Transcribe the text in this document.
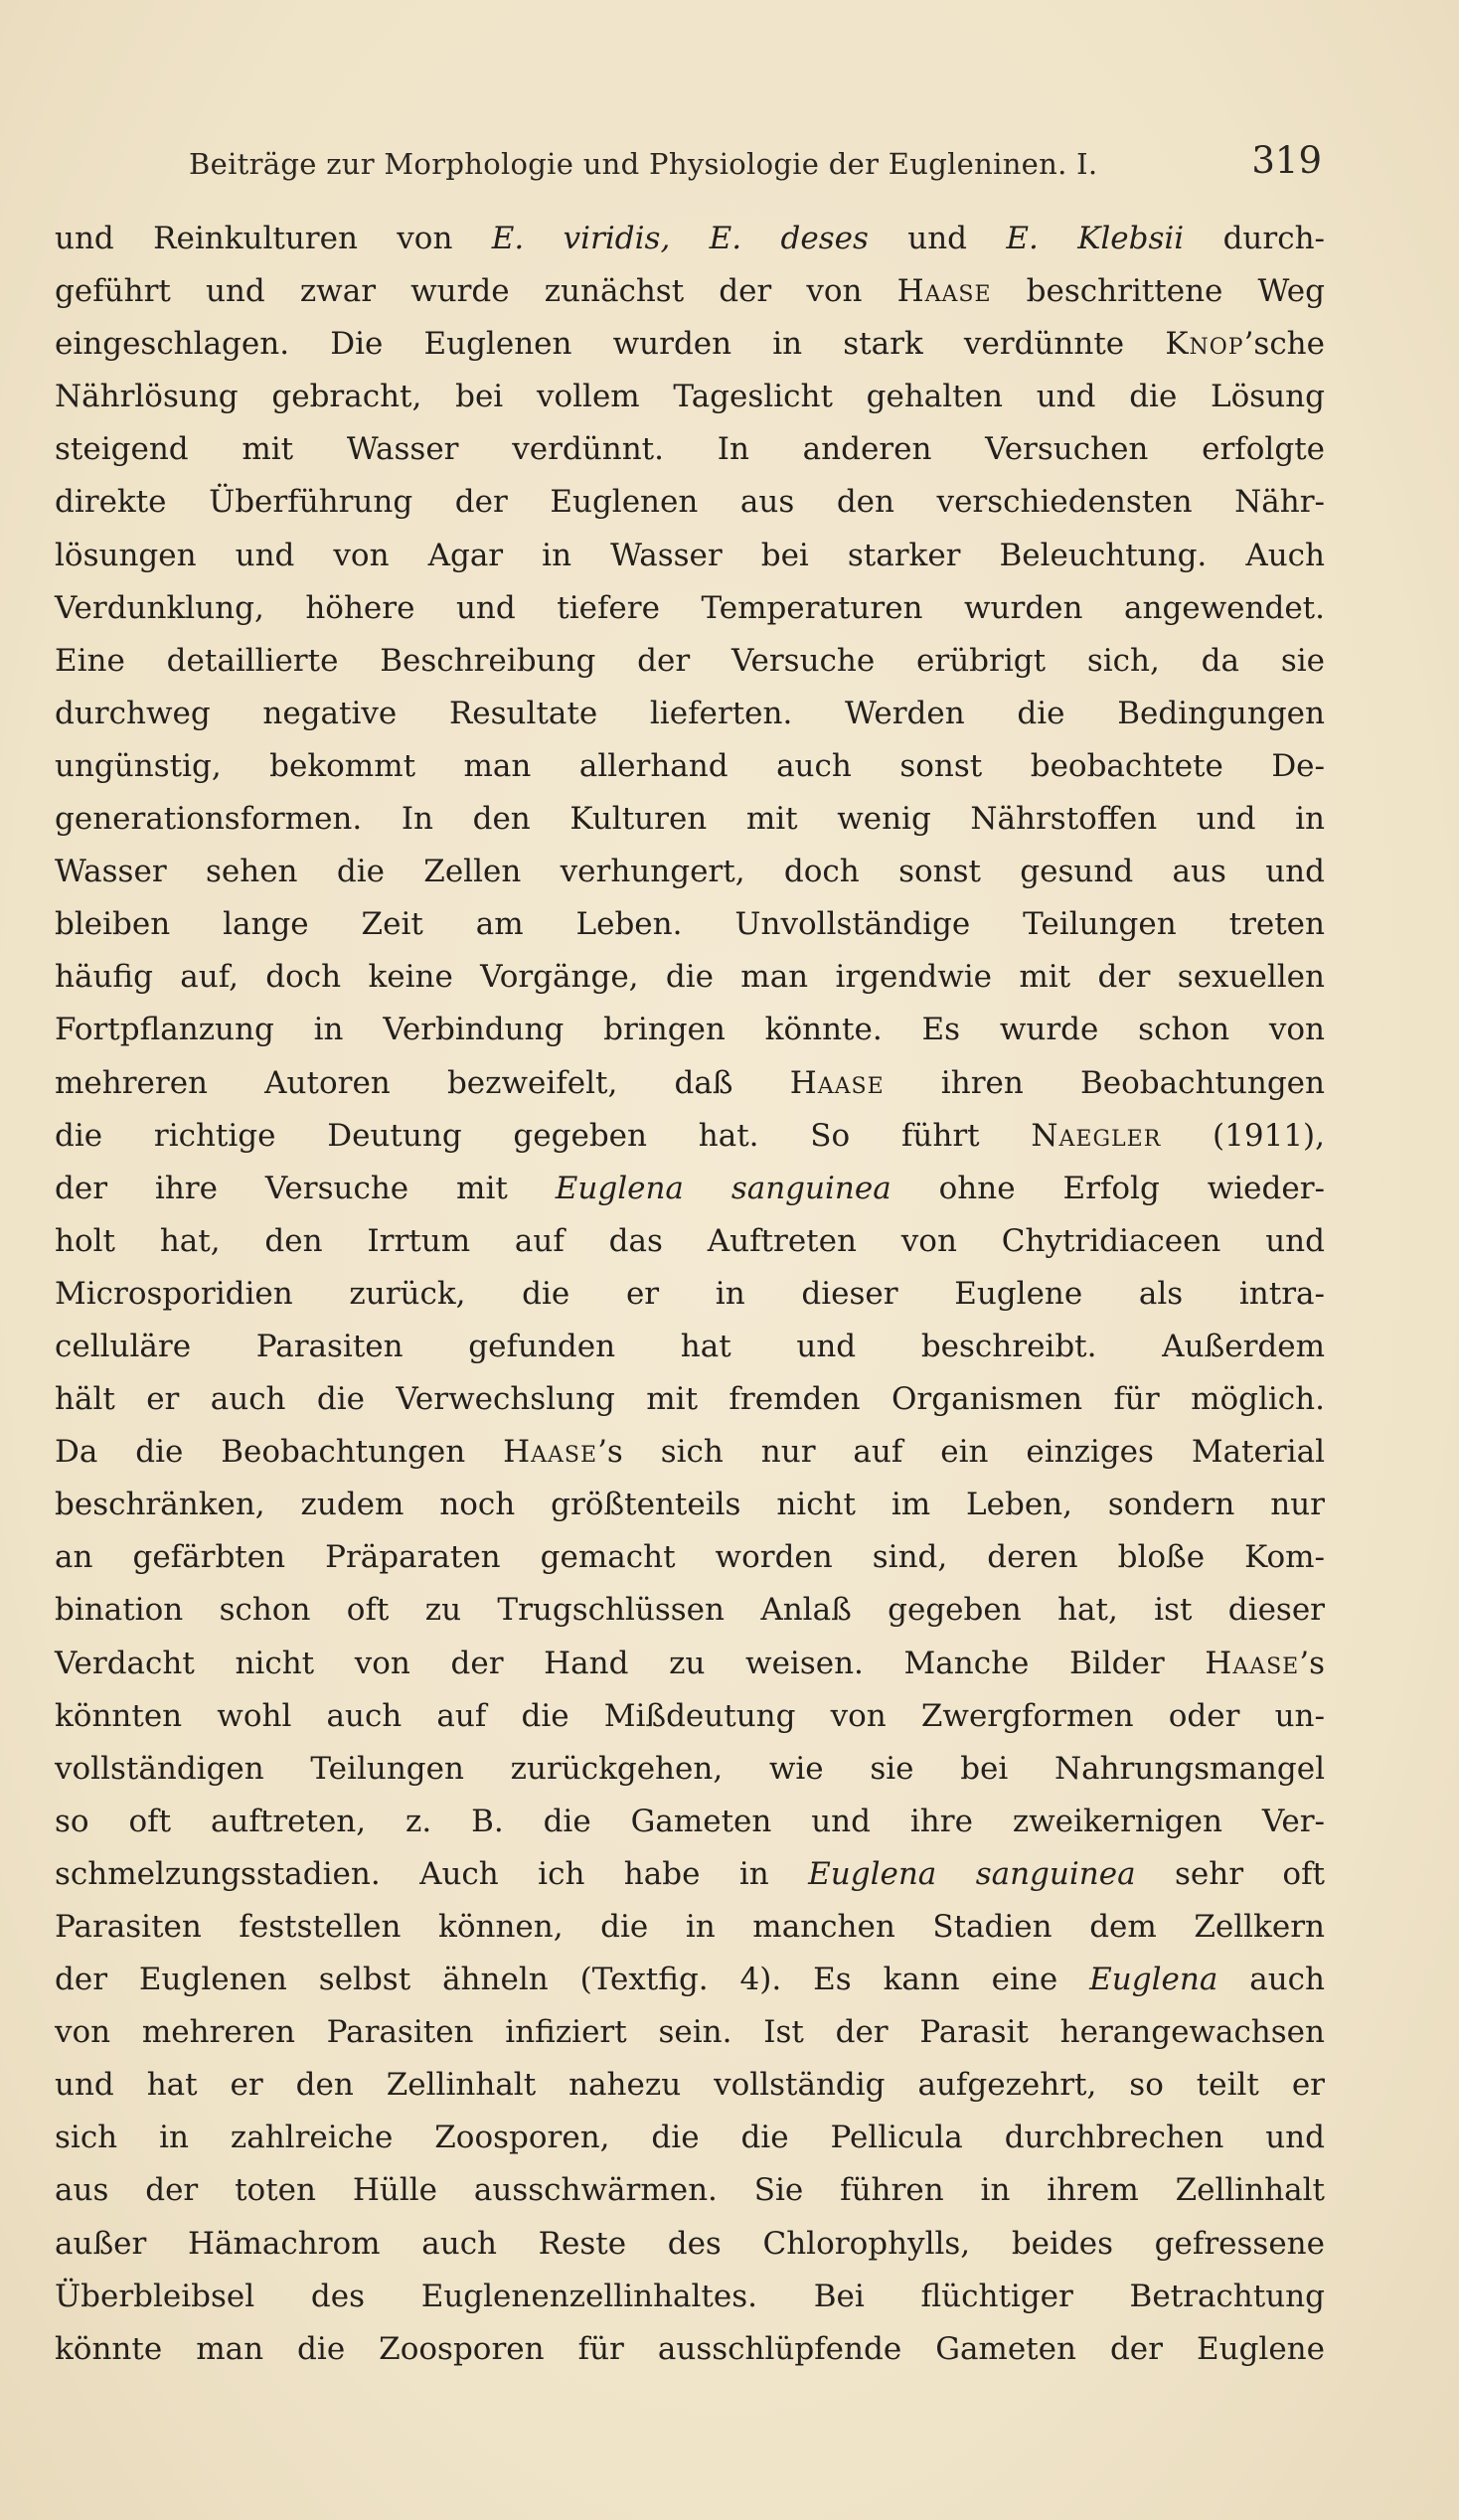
Beiträge zur Morphologie und Physiologie der Eugleninen. I.	319
und Reinkulturen von E. viridis, E. deses und E. Klebsii durch-
geführt und zwar wurde zunächst der von Haase beschrittene Weg
eingeschlagen. Die Euglenen wurden in stark verdünnte Knop’sche
Nährlösung gebracht, bei vollem Tageslicht gehalten und die Lösung
steigend mit Wasser verdünnt. In anderen Versuchen erfolgte
direkte Überführung der Euglenen aus den verschiedensten Nähr-
lösungen und von Agar in Wasser bei starker Beleuchtung. Auch
Verdunklung, höhere und tiefere Temperaturen wurden angewendet.
Eine detaillierte Beschreibung der Versuche erübrigt sich, da sie
durchweg negative Resultate lieferten. Werden die Bedingungen
ungünstig, bekommt man allerhand auch sonst beobachtete De-
generationsformen. In den Kulturen mit wenig Nährstoffen und in
Wasser sehen die Zellen verhungert, doch sonst gesund aus und
bleiben lange Zeit am Leben. Unvollständige Teilungen treten
häufig auf, doch keine Vorgänge, die man irgendwie mit der sexuellen
Fortpflanzung in Verbindung bringen könnte. Es wurde schon von
mehreren Autoren bezweifelt, daß Haase ihren Beobachtungen
die richtige Deutung gegeben hat. So führt Naegler (1911),
der ihre Versuche mit Euglena sanguinea ohne Erfolg wieder-
holt hat, den Irrtum auf das Auftreten von Chytridiaceen und
Microsporidien zurück, die er in dieser Euglene als intra-
celluläre Parasiten gefunden hat und beschreibt. Außerdem
hält er auch die Verwechslung mit fremden Organismen für möglich.
Da die Beobachtungen Haase’s sich nur auf ein einziges Material
beschränken, zudem noch größtenteils nicht im Leben, sondern nur
an gefärbten Präparaten gemacht worden sind, deren bloße Kom-
bination schon oft zu Trugschlüssen Anlaß gegeben hat, ist dieser
Verdacht nicht von der Hand zu weisen. Manche Bilder Haase’s
könnten wohl auch auf die Mißdeutung von Zwergformen oder un-
vollständigen Teilungen zurückgehen, wie sie bei Nahrungsmangel
so oft auftreten, z. B. die Gameten und ihre zweikernigen Ver-
schmelzungsstadien. Auch ich habe in Euglena sanguinea sehr oft
Parasiten feststellen können, die in manchen Stadien dem Zellkern
der Euglenen selbst ähneln (Textfig. 4). Es kann eine Euglena auch
von mehreren Parasiten infiziert sein. Ist der Parasit herangewachsen
und hat er den Zellinhalt nahezu vollständig aufgezehrt, so teilt er
sich in zahlreiche Zoosporen, die die Pellicula durchbrechen und
aus der toten Hülle ausschwärmen. Sie führen in ihrem Zellinhalt
außer Hämachrom auch Reste des Chlorophylls, beides gefressene
Überbleibsel des Euglenenzellinhaltes. Bei flüchtiger Betrachtung
könnte man die Zoosporen für ausschlüpfende Gameten der Euglene
